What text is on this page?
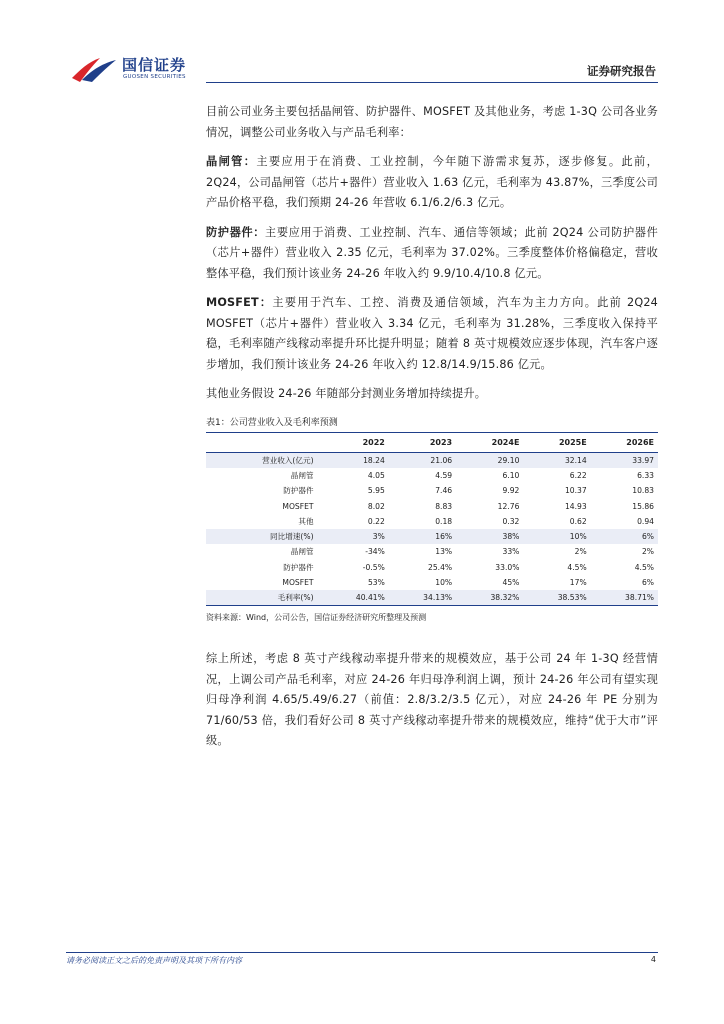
国信证券
GUOSEN SECURITIES	证券研究报告

目前公司业务主要包括晶闸管、防护器件、MOSFET 及其他业务，考虑 1-3Q 公司各业务情况，调整公司业务收入与产品毛利率：

晶闸管：主要应用于在消费、工业控制，今年随下游需求复苏，逐步修复。此前，2Q24，公司晶闸管（芯片+器件）营业收入 1.63 亿元，毛利率为 43.87%，三季度公司产品价格平稳，我们预期 24-26 年营收 6.1/6.2/6.3 亿元。

防护器件：主要应用于消费、工业控制、汽车、通信等领域；此前 2Q24 公司防护器件（芯片+器件）营业收入 2.35 亿元，毛利率为 37.02%。三季度整体价格偏稳定，营收整体平稳，我们预计该业务 24-26 年收入约 9.9/10.4/10.8 亿元。

MOSFET：主要用于汽车、工控、消费及通信领域，汽车为主力方向。此前 2Q24 MOSFET（芯片+器件）营业收入 3.34 亿元，毛利率为 31.28%，三季度收入保持平稳，毛利率随产线稼动率提升环比提升明显；随着 8 英寸规模效应逐步体现，汽车客户逐步增加，我们预计该业务 24-26 年收入约 12.8/14.9/15.86 亿元。

其他业务假设 24-26 年随部分封测业务增加持续提升。

表1：公司营业收入及毛利率预测
	2022	2023	2024E	2025E	2026E
营业收入(亿元)	18.24	21.06	29.10	32.14	33.97
晶闸管	4.05	4.59	6.10	6.22	6.33
防护器件	5.95	7.46	9.92	10.37	10.83
MOSFET	8.02	8.83	12.76	14.93	15.86
其他	0.22	0.18	0.32	0.62	0.94
同比增速(%)	3%	16%	38%	10%	6%
晶闸管	-34%	13%	33%	2%	2%
防护器件	-0.5%	25.4%	33.0%	4.5%	4.5%
MOSFET	53%	10%	45%	17%	6%
毛利率(%)	40.41%	34.13%	38.32%	38.53%	38.71%
资料来源：Wind，公司公告，国信证券经济研究所整理及预测

综上所述，考虑 8 英寸产线稼动率提升带来的规模效应，基于公司 24 年 1-3Q 经营情况，上调公司产品毛利率，对应 24-26 年归母净利润上调，预计 24-26 年公司有望实现归母净利润 4.65/5.49/6.27（前值：2.8/3.2/3.5 亿元），对应 24-26 年 PE 分别为 71/60/53 倍，我们看好公司 8 英寸产线稼动率提升带来的规模效应，维持“优于大市”评级。

请务必阅读正文之后的免责声明及其项下所有内容	4
